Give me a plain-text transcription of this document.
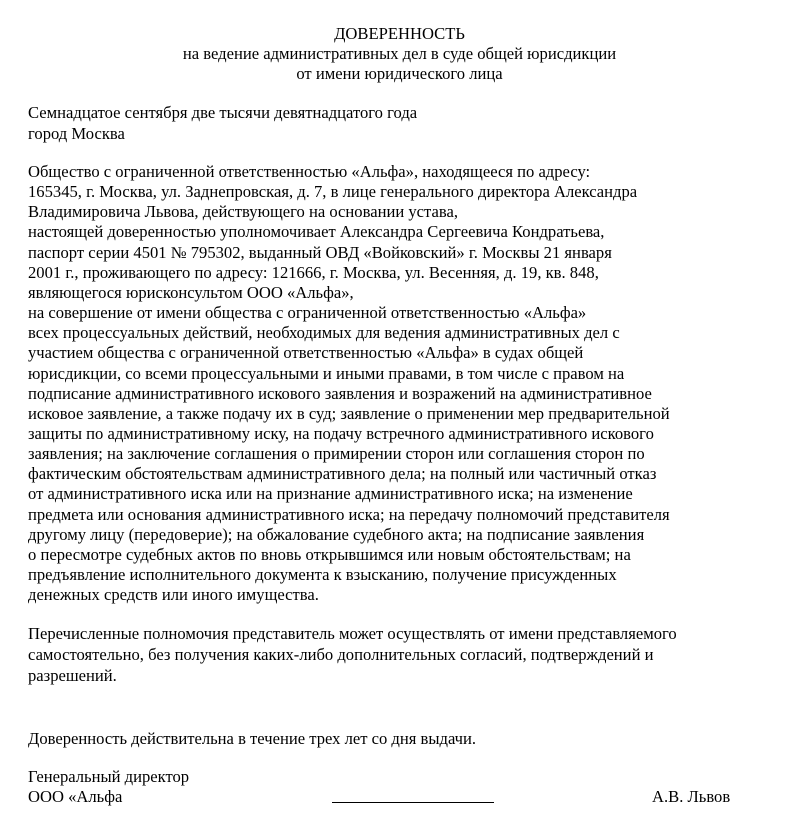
ДОВЕРЕННОСТЬ
на ведение административных дел в суде общей юрисдикции
от имени юридического лица
Семнадцатое сентября две тысячи девятнадцатого года
город Москва
Общество с ограниченной ответственностью «Альфа», находящееся по адресу:
165345, г. Москва, ул. Заднепровская, д. 7, в лице генерального директора Александра
Владимировича Львова, действующего на основании устава,
настоящей доверенностью уполномочивает Александра Сергеевича Кондратьева,
паспорт серии 4501 № 795302, выданный ОВД «Войковский» г. Москвы 21 января
2001 г., проживающего по адресу: 121666, г. Москва, ул. Весенняя, д. 19, кв. 848,
являющегося юрисконсультом ООО «Альфа»,
на совершение от имени общества с ограниченной ответственностью «Альфа»
всех процессуальных действий, необходимых для ведения административных дел с
участием общества с ограниченной ответственностью «Альфа» в судах общей
юрисдикции, со всеми процессуальными и иными правами, в том числе с правом на
подписание административного искового заявления и возражений на административное
исковое заявление, а также подачу их в суд; заявление о применении мер предварительной
защиты по административному иску, на подачу встречного административного искового
заявления; на заключение соглашения о примирении сторон или соглашения сторон по
фактическим обстоятельствам административного дела; на полный или частичный отказ
от административного иска или на признание административного иска; на изменение
предмета или основания административного иска; на передачу полномочий представителя
другому лицу (передоверие); на обжалование судебного акта; на подписание заявления
о пересмотре судебных актов по вновь открывшимся или новым обстоятельствам; на
предъявление исполнительного документа к взысканию, получение присужденных
денежных средств или иного имущества.
Перечисленные полномочия представитель может осуществлять от имени представляемого
самостоятельно, без получения каких-либо дополнительных согласий, подтверждений и
разрешений.
Доверенность действительна в течение трех лет со дня выдачи.
Генеральный директор
ООО «Альфа	А.В. Львов
